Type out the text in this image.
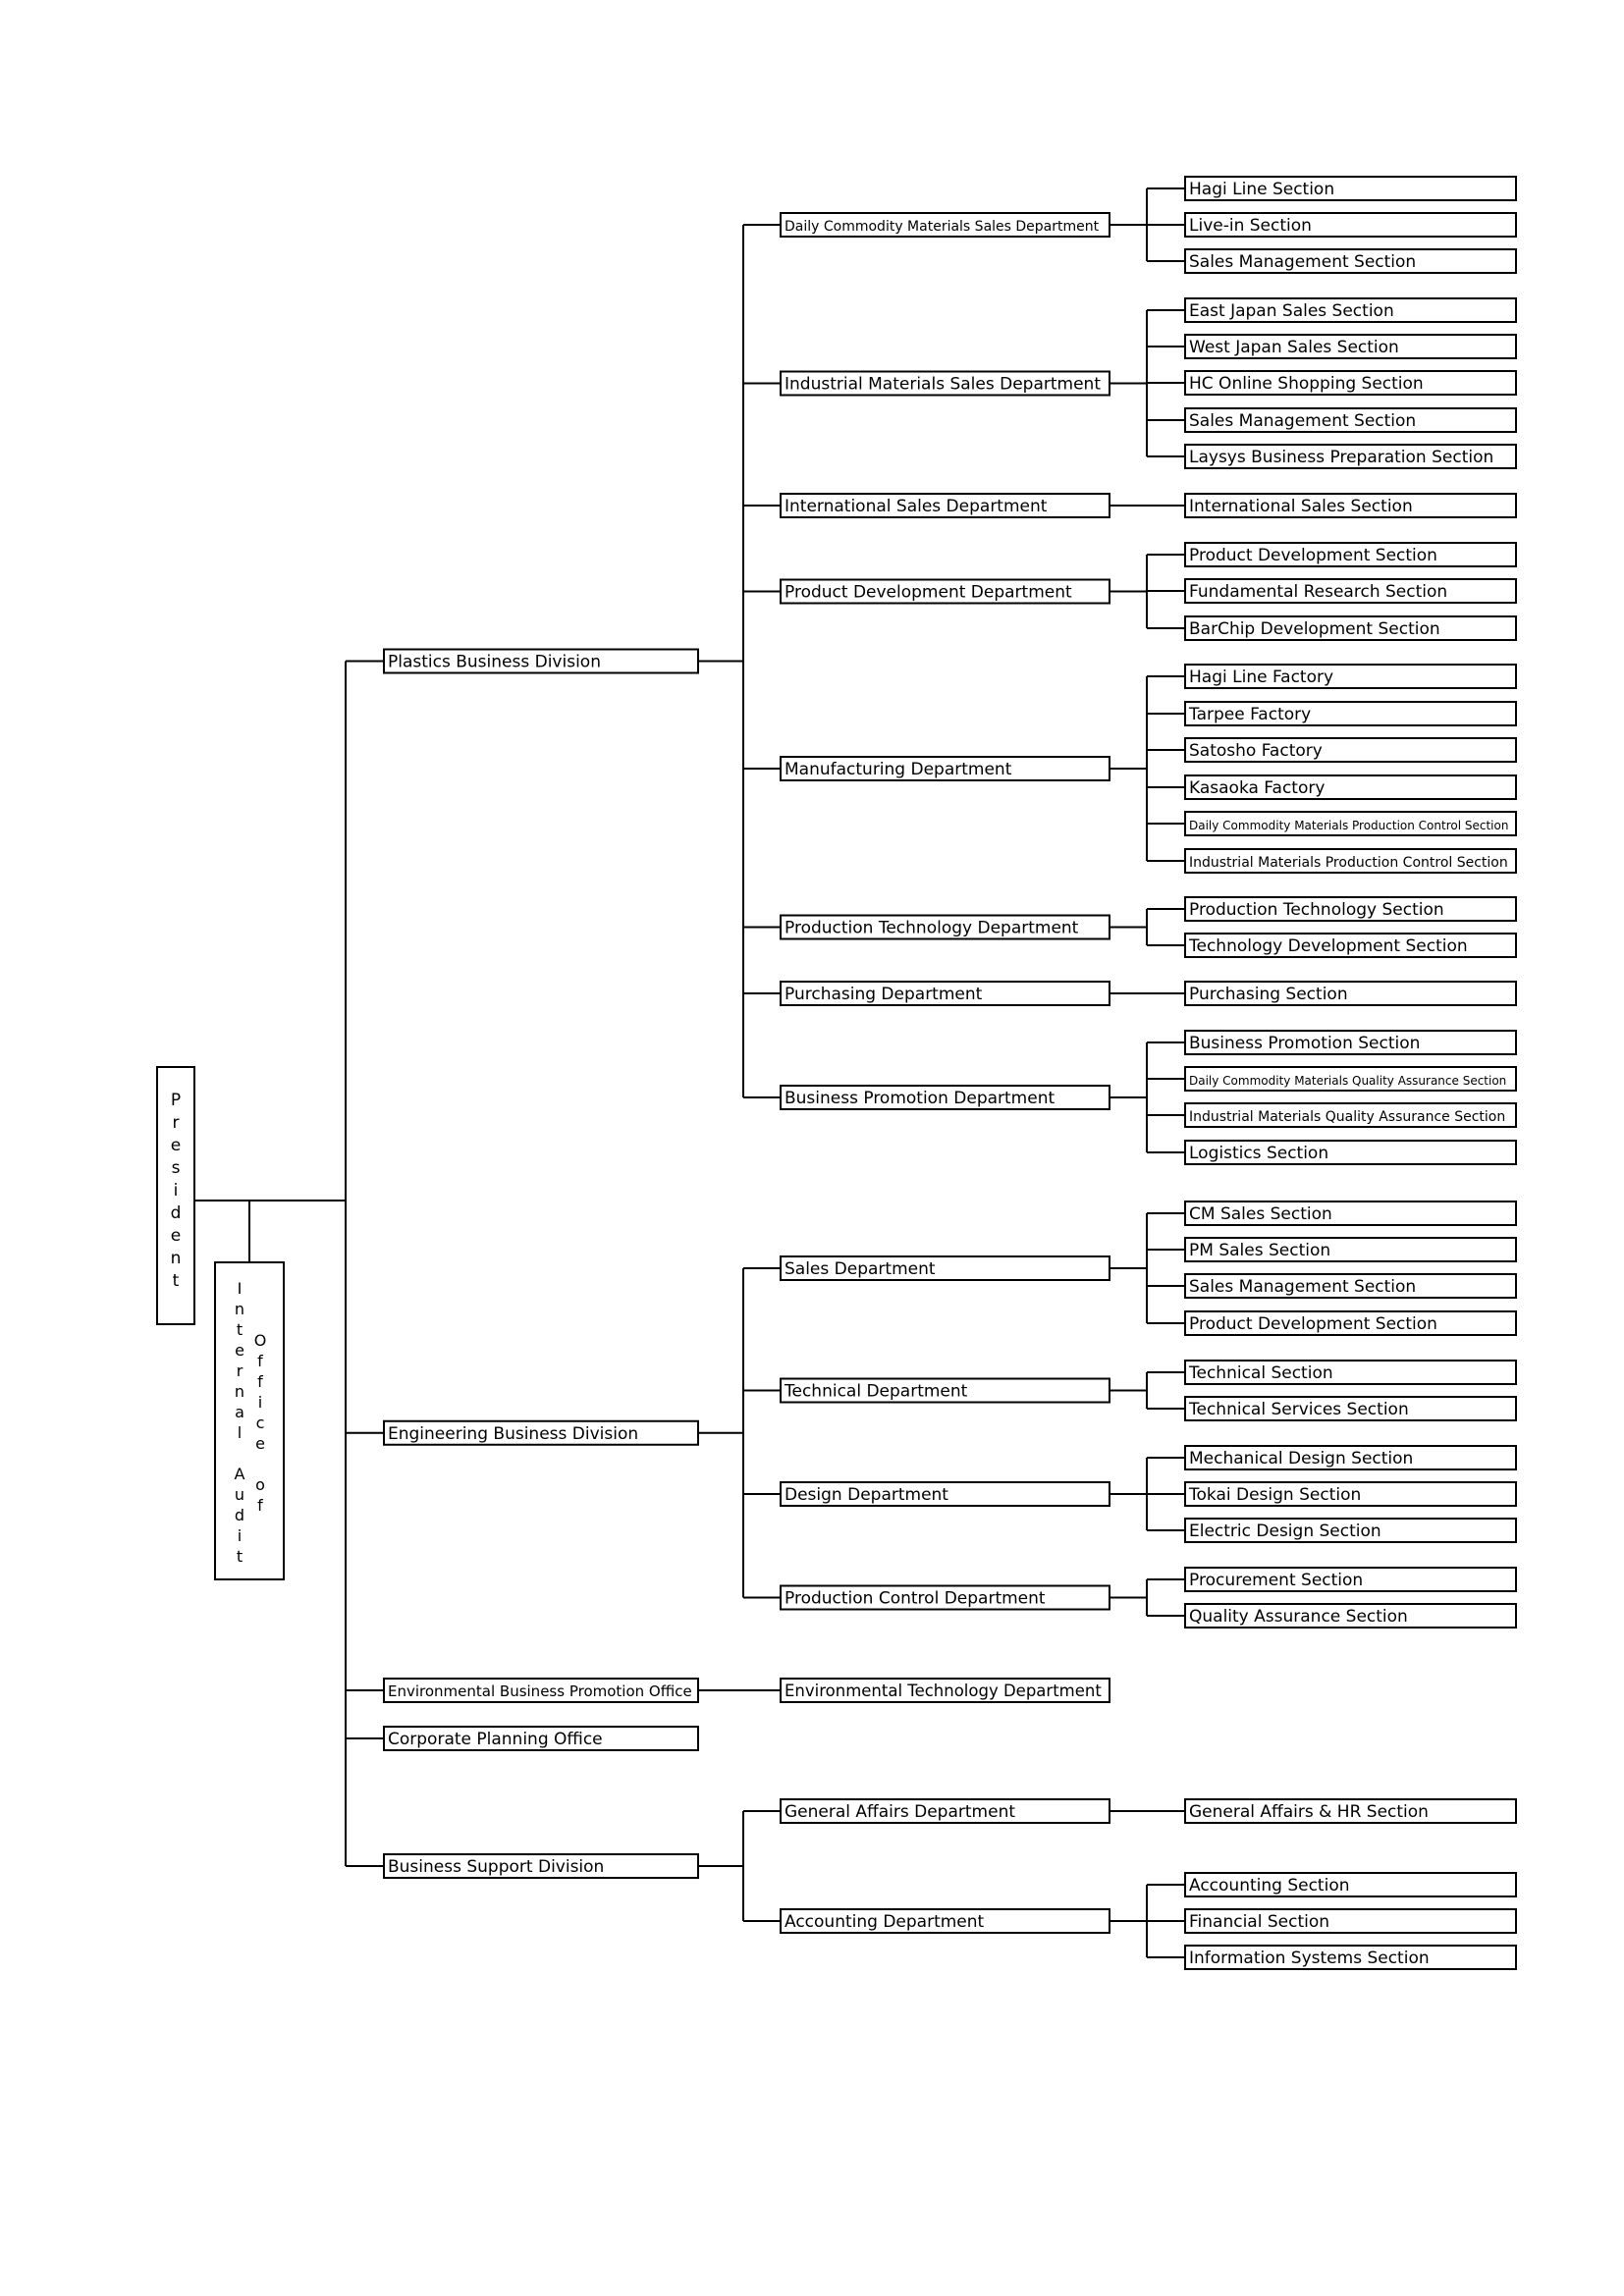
Hagi Line Section
Live-in Section
Sales Management Section
Daily Commodity Materials Sales Department
East Japan Sales Section
West Japan Sales Section
HC Online Shopping Section
Sales Management Section
Laysys Business Preparation Section
Industrial Materials Sales Department
International Sales Section
International Sales Department
Product Development Section
Fundamental Research Section
BarChip Development Section
Product Development Department
Hagi Line Factory
Tarpee Factory
Satosho Factory
Kasaoka Factory
Daily Commodity Materials Production Control Section
Industrial Materials Production Control Section
Manufacturing Department
Production Technology Section
Technology Development Section
Production Technology Department
Purchasing Section
Purchasing Department
Business Promotion Section
Daily Commodity Materials Quality Assurance Section
Industrial Materials Quality Assurance Section
Logistics Section
Business Promotion Department
Plastics Business Division
CM Sales Section
PM Sales Section
Sales Management Section
Product Development Section
Sales Department
Technical Section
Technical Services Section
Technical Department
Mechanical Design Section
Tokai Design Section
Electric Design Section
Design Department
Procurement Section
Quality Assurance Section
Production Control Department
Engineering Business Division
Environmental Technology Department
Environmental Business Promotion Office
Corporate Planning Office
General Affairs & HR Section
General Affairs Department
Accounting Section
Financial Section
Information Systems Section
Accounting Department
Business Support Division
P r e s i d e n t	I n t e r n a l A u d i t
O f f i c e o f
